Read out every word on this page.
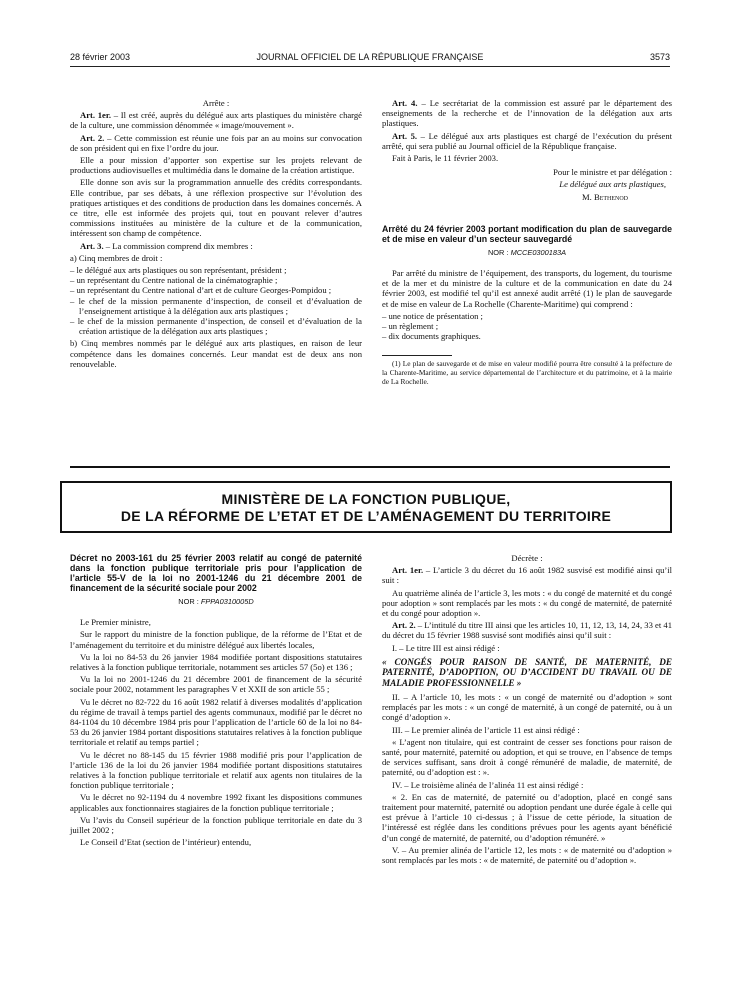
28 février 2003	JOURNAL OFFICIEL DE LA RÉPUBLIQUE FRANÇAISE	3573

Arrête :

Art. 1er. – Il est créé, auprès du délégué aux arts plastiques du ministère chargé de la culture, une commission dénommée « image/mouvement ».

Art. 2. – Cette commission est réunie une fois par an au moins sur convocation de son président qui en fixe l’ordre du jour.

Elle a pour mission d’apporter son expertise sur les projets relevant de productions audiovisuelles et multimédia dans le domaine de la création artistique.

Elle donne son avis sur la programmation annuelle des crédits correspondants. Elle contribue, par ses débats, à une réflexion prospective sur l’évolution des pratiques artistiques et des conditions de production dans les domaines concernés. A ce titre, elle est informée des projets qui, tout en pouvant relever d’autres commissions instituées au ministère de la culture et de la communication, intéressent son champ de compétence.

Art. 3. – La commission comprend dix membres :

a) Cinq membres de droit :

– le délégué aux arts plastiques ou son représentant, président ;
– un représentant du Centre national de la cinématographie ;
– un représentant du Centre national d’art et de culture Georges-Pompidou ;
– le chef de la mission permanente d’inspection, de conseil et d’évaluation de l’enseignement artistique à la délégation aux arts plastiques ;
– le chef de la mission permanente d’inspection, de conseil et d’évaluation de la création artistique de la délégation aux arts plastiques ;

b) Cinq membres nommés par le délégué aux arts plastiques, en raison de leur compétence dans les domaines concernés. Leur mandat est de deux ans non renouvelable.

Art. 4. – Le secrétariat de la commission est assuré par le département des enseignements de la recherche et de l’innovation de la délégation aux arts plastiques.

Art. 5. – Le délégué aux arts plastiques est chargé de l’exécution du présent arrêté, qui sera publié au Journal officiel de la République française.

Fait à Paris, le 11 février 2003.

Pour le ministre et par délégation :

Le délégué aux arts plastiques,

M. Bethenod

Arrêté du 24 février 2003 portant modification du plan de sauvegarde et de mise en valeur d’un secteur sauvegardé
NOR : MCCE0300183A

Par arrêté du ministre de l’équipement, des transports, du logement, du tourisme et de la mer et du ministre de la culture et de la communication en date du 24 février 2003, est modifié tel qu’il est annexé audit arrêté (1) le plan de sauvegarde et de mise en valeur de La Rochelle (Charente-Maritime) qui comprend :

– une notice de présentation ;
– un règlement ;
– dix documents graphiques.
(1) Le plan de sauvegarde et de mise en valeur modifié pourra être consulté à la préfecture de la Charente-Maritime, au service départemental de l’architecture et du patrimoine, et à la mairie de La Rochelle.
MINISTÈRE DE LA FONCTION PUBLIQUE,
DE LA RÉFORME DE L’ETAT ET DE L’AMÉNAGEMENT DU TERRITOIRE
Décret no 2003-161 du 25 février 2003 relatif au congé de paternité dans la fonction publique territoriale pris pour l’application de l’article 55-V de la loi no 2001-1246 du 21 décembre 2001 de financement de la sécurité sociale pour 2002
NOR : FPPA0310005D

Le Premier ministre,

Sur le rapport du ministre de la fonction publique, de la réforme de l’Etat et de l’aménagement du territoire et du ministre délégué aux libertés locales,

Vu la loi no 84-53 du 26 janvier 1984 modifiée portant dispositions statutaires relatives à la fonction publique territoriale, notamment ses articles 57 (5o) et 136 ;

Vu la loi no 2001-1246 du 21 décembre 2001 de financement de la sécurité sociale pour 2002, notamment les paragraphes V et XXII de son article 55 ;

Vu le décret no 82-722 du 16 août 1982 relatif à diverses modalités d’application du régime de travail à temps partiel des agents communaux, modifié par le décret no 84-1104 du 10 décembre 1984 pris pour l’application de l’article 60 de la loi no 84-53 du 26 janvier 1984 portant dispositions statutaires relatives à la fonction publique territoriale et relatif au temps partiel ;

Vu le décret no 88-145 du 15 février 1988 modifié pris pour l’application de l’article 136 de la loi du 26 janvier 1984 modifiée portant dispositions statutaires relatives à la fonction publique territoriale et relatif aux agents non titulaires de la fonction publique territoriale ;

Vu le décret no 92-1194 du 4 novembre 1992 fixant les dispositions communes applicables aux fonctionnaires stagiaires de la fonction publique territoriale ;

Vu l’avis du Conseil supérieur de la fonction publique territoriale en date du 3 juillet 2002 ;

Le Conseil d’Etat (section de l’intérieur) entendu,

Décrète :

Art. 1er. – L’article 3 du décret du 16 août 1982 susvisé est modifié ainsi qu’il suit :

Au quatrième alinéa de l’article 3, les mots : « du congé de maternité et du congé pour adoption » sont remplacés par les mots : « du congé de maternité, de paternité et du congé pour adoption ».

Art. 2. – L’intitulé du titre III ainsi que les articles 10, 11, 12, 13, 14, 24, 33 et 41 du décret du 15 février 1988 susvisé sont modifiés ainsi qu’il suit :

I. – Le titre III est ainsi rédigé :

« CONGÉS POUR RAISON DE SANTÉ, DE MATERNITÉ, DE PATERNITÉ, D’ADOPTION, OU D’ACCIDENT DU TRAVAIL OU DE MALADIE PROFESSIONNELLE »

II. – A l’article 10, les mots : « un congé de maternité ou d’adoption » sont remplacés par les mots : « un congé de maternité, à un congé de paternité, ou à un congé d’adoption ».

III. – Le premier alinéa de l’article 11 est ainsi rédigé :

« L’agent non titulaire, qui est contraint de cesser ses fonctions pour raison de santé, pour maternité, paternité ou adoption, et qui se trouve, en l’absence de temps de services suffisant, sans droit à congé rémunéré de maladie, de maternité, de paternité, ou d’adoption est : ».

IV. – Le troisième alinéa de l’alinéa 11 est ainsi rédigé :

« 2. En cas de maternité, de paternité ou d’adoption, placé en congé sans traitement pour maternité, paternité ou adoption pendant une durée égale à celle qui est prévue à l’article 10 ci-dessus ; à l’issue de cette période, la situation de l’intéressé est réglée dans les conditions prévues pour les agents ayant bénéficié d’un congé de maternité, de paternité, ou d’adoption rémunéré. »

V. – Au premier alinéa de l’article 12, les mots : « de maternité ou d’adoption » sont remplacés par les mots : « de maternité, de paternité ou d’adoption ».
